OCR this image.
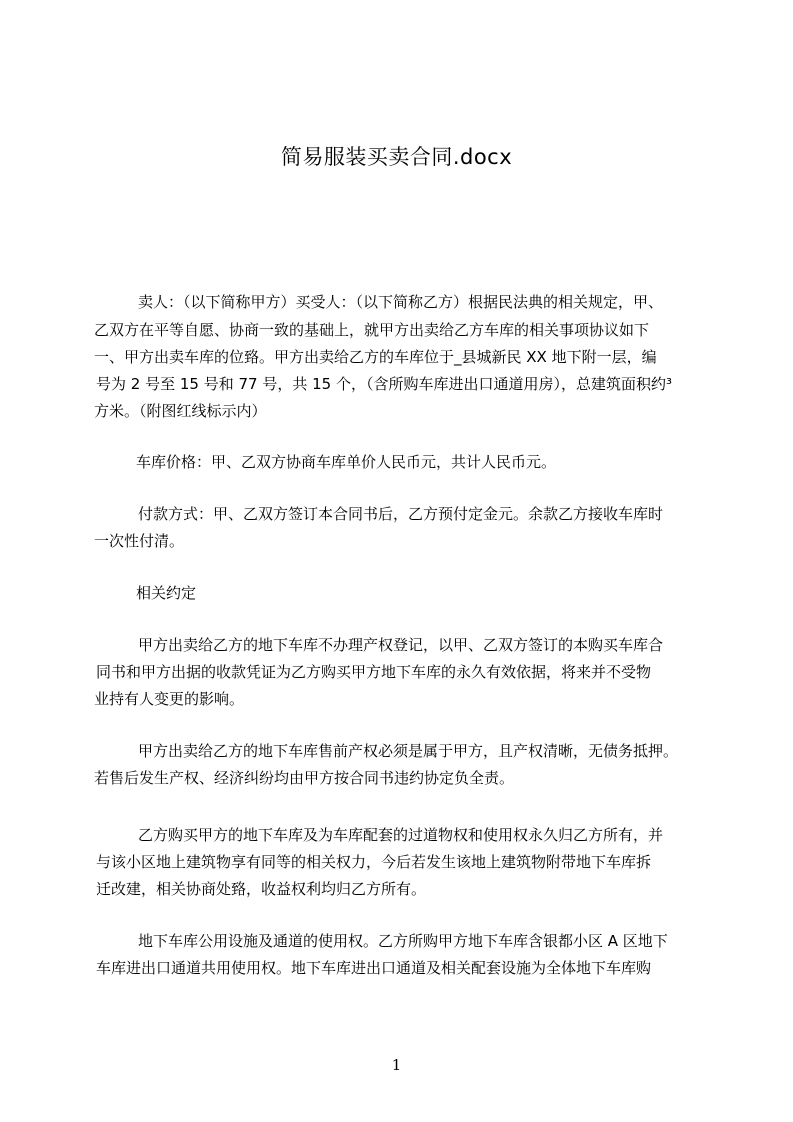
简易服装买卖合同.docx
卖人：（以下简称甲方）买受人：（以下简称乙方）根据民法典的相关规定，甲、
乙双方在平等自愿、协商一致的基础上，就甲方出卖给乙方车库的相关事项协议如下
一、甲方出卖车库的位臵。甲方出卖给乙方的车库位于_县城新民 XX 地下附一层，编
号为 2 号至 15 号和 77 号，共 15 个，（含所购车库进出口通道用房），总建筑面积约³
方米。（附图红线标示内）
车库价格：甲、乙双方协商车库单价人民币元，共计人民币元。
付款方式：甲、乙双方签订本合同书后，乙方预付定金元。余款乙方接收车库时
一次性付清。
相关约定
甲方出卖给乙方的地下车库不办理产权登记，以甲、乙双方签订的本购买车库合
同书和甲方出据的收款凭证为乙方购买甲方地下车库的永久有效依据，将来并不受物
业持有人变更的影响。
甲方出卖给乙方的地下车库售前产权必须是属于甲方，且产权清晰，无债务抵押。
若售后发生产权、经济纠纷均由甲方按合同书违约协定负全责。
乙方购买甲方的地下车库及为车库配套的过道物权和使用权永久归乙方所有，并
与该小区地上建筑物享有同等的相关权力，今后若发生该地上建筑物附带地下车库拆
迁改建，相关协商处臵，收益权利均归乙方所有。
地下车库公用设施及通道的使用权。乙方所购甲方地下车库含银都小区 A 区地下
车库进出口通道共用使用权。地下车库进出口通道及相关配套设施为全体地下车库购
1
